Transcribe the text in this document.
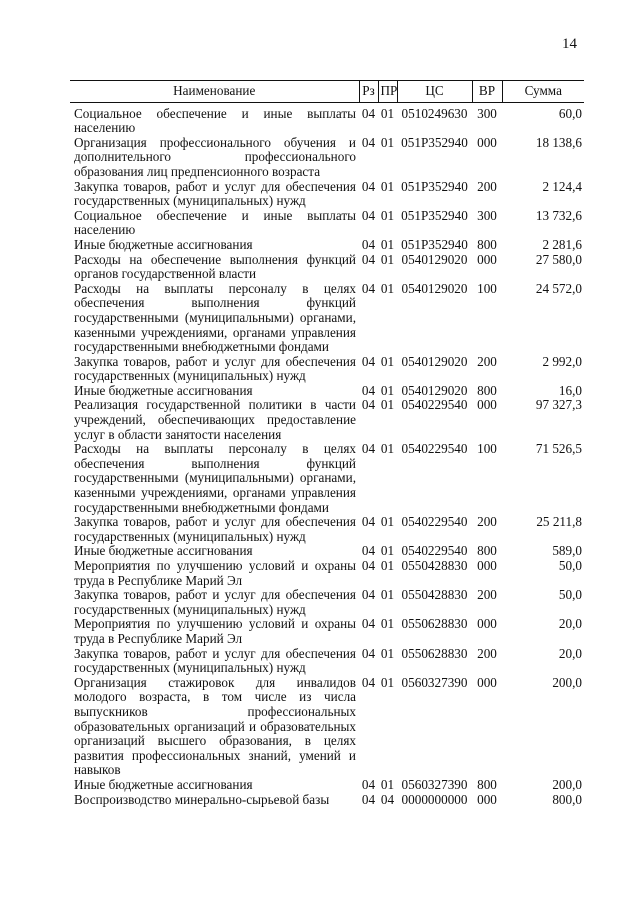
14
Наименование	Рз	ПР	ЦС	ВР	Сумма
Социальное обеспечение и иные выплаты населению	04	01	0510249630	300	60,0
Организация профессионального обучения и дополнительного профессионального образования лиц предпенсионного возраста	04	01	051P352940	000	18 138,6
Закупка товаров, работ и услуг для обеспечения государственных (муниципальных) нужд	04	01	051P352940	200	2 124,4
Социальное обеспечение и иные выплаты населению	04	01	051P352940	300	13 732,6
Иные бюджетные ассигнования	04	01	051P352940	800	2 281,6
Расходы на обеспечение выполнения функций органов государственной власти	04	01	0540129020	000	27 580,0
Расходы на выплаты персоналу в целях обеспечения выполнения функций государственными (муниципальными) органами, казенными учреждениями, органами управления государственными внебюджетными фондами	04	01	0540129020	100	24 572,0
Закупка товаров, работ и услуг для обеспечения государственных (муниципальных) нужд	04	01	0540129020	200	2 992,0
Иные бюджетные ассигнования	04	01	0540129020	800	16,0
Реализация государственной политики в части учреждений, обеспечивающих предоставление услуг в области занятости населения	04	01	0540229540	000	97 327,3
Расходы на выплаты персоналу в целях обеспечения выполнения функций государственными (муниципальными) органами, казенными учреждениями, органами управления государственными внебюджетными фондами	04	01	0540229540	100	71 526,5
Закупка товаров, работ и услуг для обеспечения государственных (муниципальных) нужд	04	01	0540229540	200	25 211,8
Иные бюджетные ассигнования	04	01	0540229540	800	589,0
Мероприятия по улучшению условий и охраны труда в Республике Марий Эл	04	01	0550428830	000	50,0
Закупка товаров, работ и услуг для обеспечения государственных (муниципальных) нужд	04	01	0550428830	200	50,0
Мероприятия по улучшению условий и охраны труда в Республике Марий Эл	04	01	0550628830	000	20,0
Закупка товаров, работ и услуг для обеспечения государственных (муниципальных) нужд	04	01	0550628830	200	20,0
Организация стажировок для инвалидов молодого возраста, в том числе из числа выпускников профессиональных образовательных организаций и образовательных организаций высшего образования, в целях развития профессиональных знаний, умений и навыков	04	01	0560327390	000	200,0
Иные бюджетные ассигнования	04	01	0560327390	800	200,0
Воспроизводство минерально-сырьевой базы	04	04	0000000000	000	800,0
